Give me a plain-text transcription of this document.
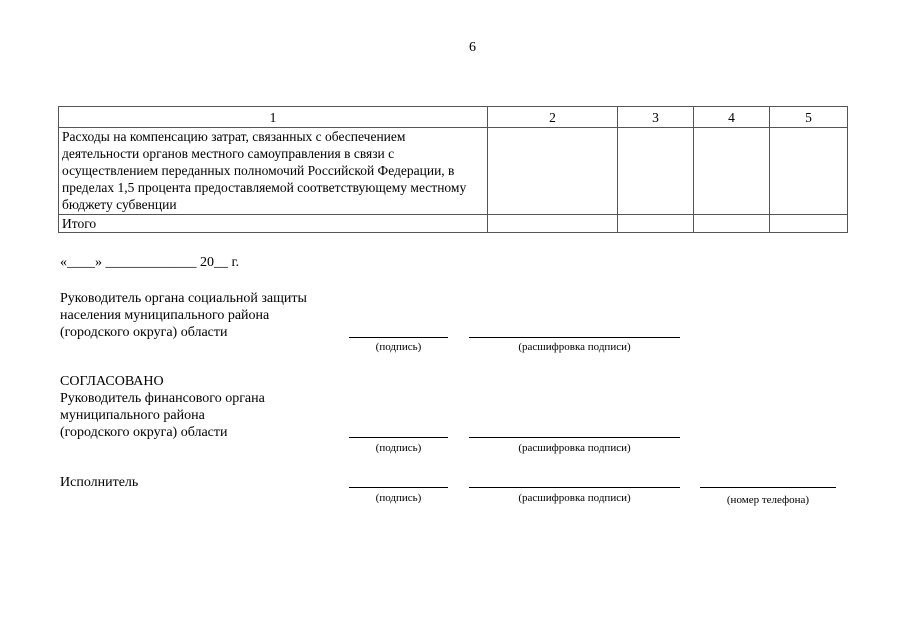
6
1	2	3	4	5
Расходы на компенсацию затрат, связанных с обеспечением деятельности органов местного самоуправления в связи с осуществлением переданных полномочий Российской Федерации, в пределах 1,5 процента предоставляемой соответствующему местному бюджету субвенции				
Итого				
«____» _____________ 20__ г.
Руководитель органа социальной защиты
населения муниципального района
(городского округа) области
(подпись)	(расшифровка подписи)
СОГЛАСОВАНО
Руководитель финансового органа
муниципального района
(городского округа) области
(подпись)	(расшифровка подписи)
Исполнитель
(подпись)	(расшифровка подписи)	(номер телефона)
